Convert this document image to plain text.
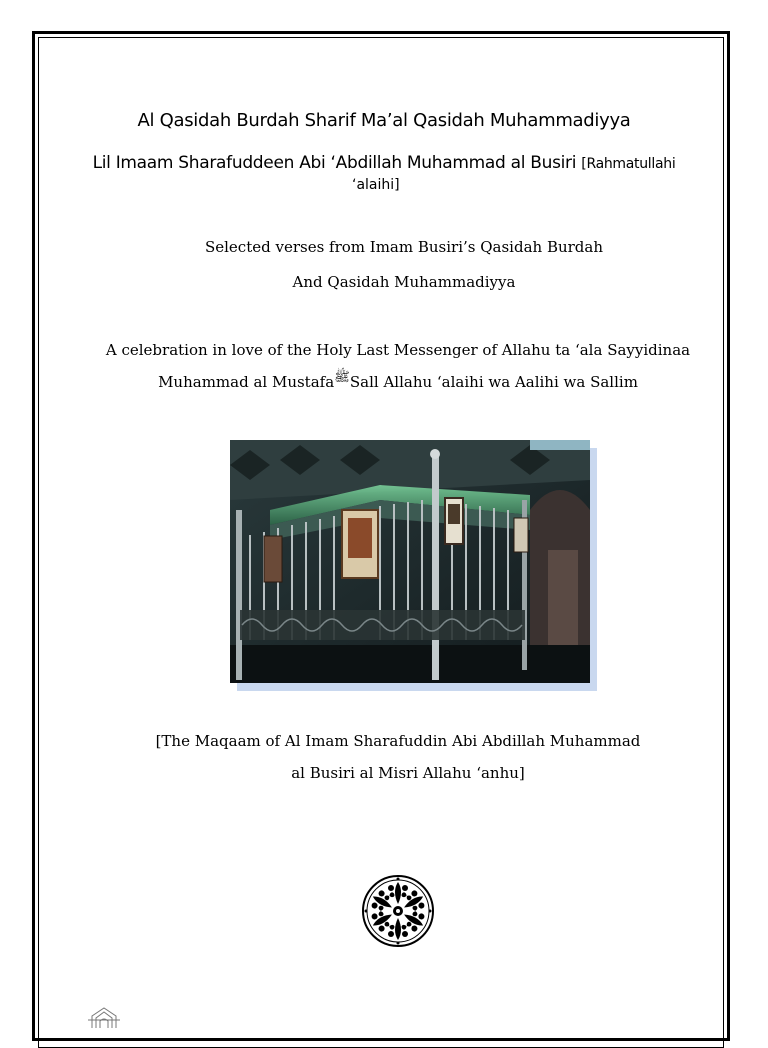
Al Qasidah Burdah Sharif Ma’al Qasidah Muhammadiyya
Lil Imaam Sharafuddeen Abi ‘Abdillah Muhammad al Busiri [Rahmatullahi
‘alaihi]
Selected verses from Imam Busiri’s Qasidah Burdah
And Qasidah Muhammadiyya
A celebration in love of the Holy Last Messenger of Allahu ta ‘ala Sayyidinaa
Muhammad al MustafaﷺSall Allahu ‘alaihi wa Aalihi wa Sallim
[The Maqaam of Al Imam Sharafuddin Abi Abdillah Muhammad
al Busiri al Misri Allahu ‘anhu]
